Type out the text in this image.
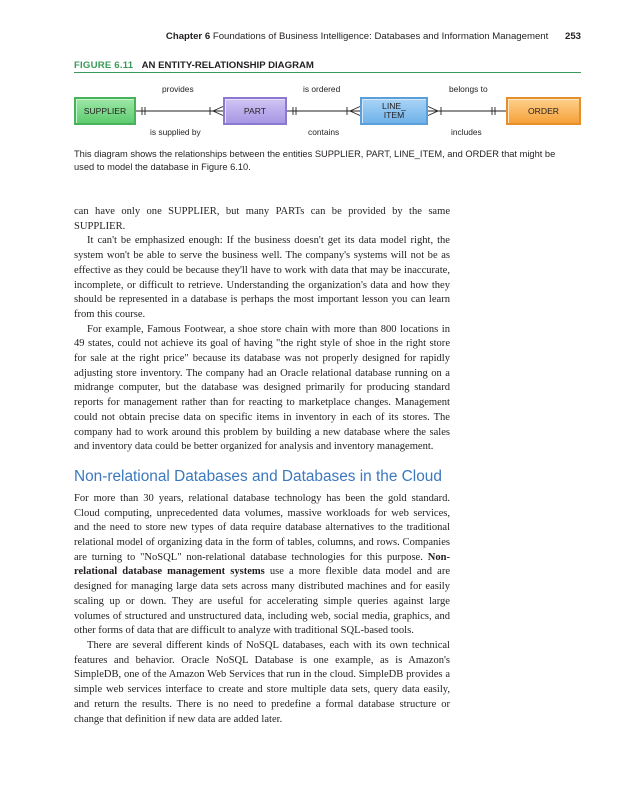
Chapter 6 Foundations of Business Intelligence: Databases and Information Management 253
FIGURE 6.11 AN ENTITY-RELATIONSHIP DIAGRAM
SUPPLIER	PART	LINE_ ITEM	ORDER
provides
is supplied by
is ordered
contains
belongs to
includes
This diagram shows the relationships between the entities SUPPLIER, PART, LINE_ITEM, and ORDER that might be used to model the database in Figure 6.10.

can have only one SUPPLIER, but many PARTs can be provided by the same SUPPLIER.

It can't be emphasized enough: If the business doesn't get its data model right, the system won't be able to serve the business well. The company's systems will not be as effective as they could be because they'll have to work with data that may be inaccurate, incomplete, or difficult to retrieve. Understanding the organization's data and how they should be represented in a database is perhaps the most important lesson you can learn from this course.

For example, Famous Footwear, a shoe store chain with more than 800 locations in 49 states, could not achieve its goal of having "the right style of shoe in the right store for sale at the right price" because its database was not properly designed for rapidly adjusting store inventory. The company had an Oracle relational database running on a midrange computer, but the database was designed primarily for producing standard reports for management rather than for reacting to marketplace changes. Management could not obtain precise data on specific items in inventory in each of its stores. The company had to work around this problem by building a new database where the sales and inventory data could be better organized for analysis and inventory management.

Non-relational Databases and Databases in the Cloud

For more than 30 years, relational database technology has been the gold standard. Cloud computing, unprecedented data volumes, massive workloads for web services, and the need to store new types of data require database alternatives to the traditional relational model of organizing data in the form of tables, columns, and rows. Companies are turning to "NoSQL" non-relational database technologies for this purpose. Non-relational database management systems use a more flexible data model and are designed for managing large data sets across many distributed machines and for easily scaling up or down. They are useful for accelerating simple queries against large volumes of structured and unstructured data, including web, social media, graphics, and other forms of data that are difficult to analyze with traditional SQL-based tools.

There are several different kinds of NoSQL databases, each with its own technical features and behavior. Oracle NoSQL Database is one example, as is Amazon's SimpleDB, one of the Amazon Web Services that run in the cloud. SimpleDB provides a simple web services interface to create and store multiple data sets, query data easily, and return the results. There is no need to predefine a formal database structure or change that definition if new data are added later.
